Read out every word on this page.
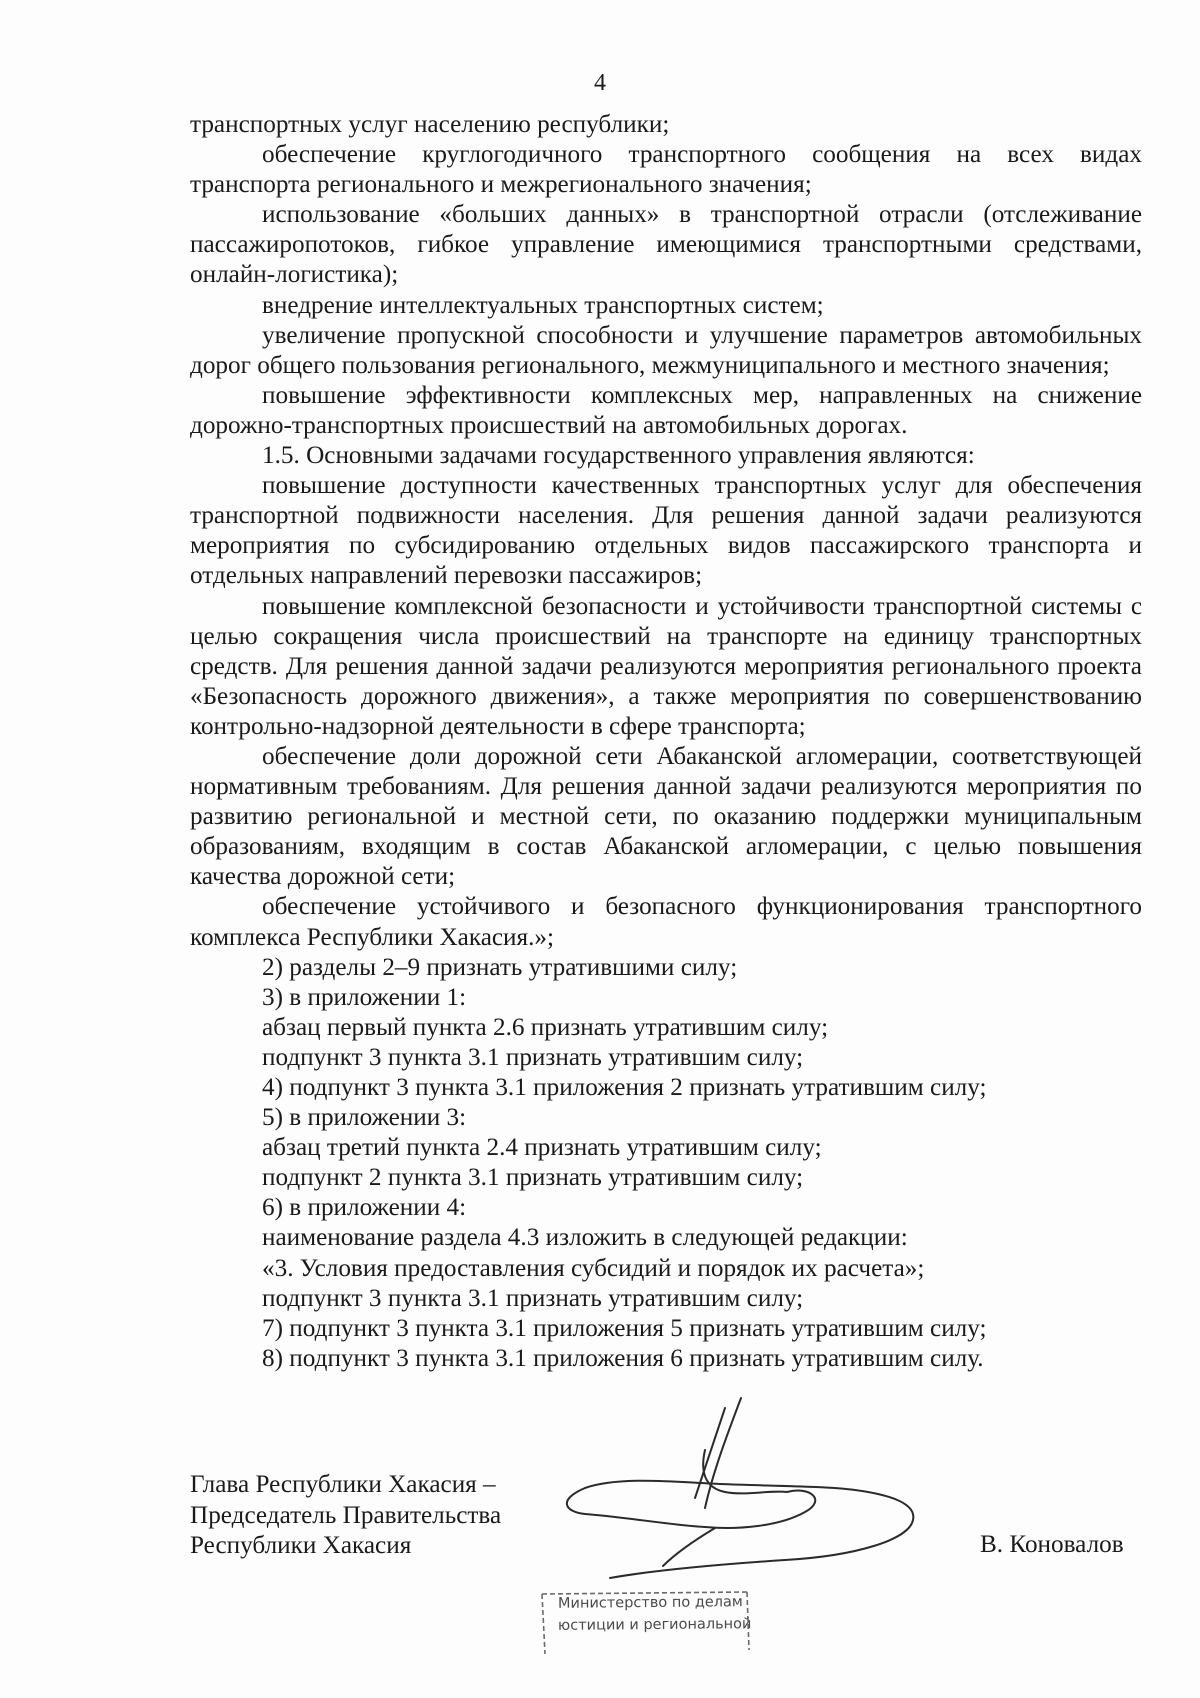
4

транспортных услуг населению республики;

обеспечение круглогодичного транспортного сообщения на всех видах транспорта регионального и межрегионального значения;

использование «больших данных» в транспортной отрасли (отслеживание пассажиропотоков, гибкое управление имеющимися транспортными средствами, онлайн-логистика);

внедрение интеллектуальных транспортных систем;

увеличение пропускной способности и улучшение параметров автомобильных дорог общего пользования регионального, межмуниципального и местного значения;

повышение эффективности комплексных мер, направленных на снижение дорожно-транспортных происшествий на автомобильных дорогах.

1.5. Основными задачами государственного управления являются:

повышение доступности качественных транспортных услуг для обеспечения транспортной подвижности населения. Для решения данной задачи реализуются мероприятия по субсидированию отдельных видов пассажирского транспорта и отдельных направлений перевозки пассажиров;

повышение комплексной безопасности и устойчивости транспортной системы с целью сокращения числа происшествий на транспорте на единицу транспортных средств. Для решения данной задачи реализуются мероприятия регионального проекта «Безопасность дорожного движения», а также мероприятия по совершенствованию контрольно-надзорной деятельности в сфере транспорта;

обеспечение доли дорожной сети Абаканской агломерации, соответствующей нормативным требованиям. Для решения данной задачи реализуются мероприятия по развитию региональной и местной сети, по оказанию поддержки муниципальным образованиям, входящим в состав Абаканской агломерации, с целью повышения качества дорожной сети;

обеспечение устойчивого и безопасного функционирования транспортного комплекса Республики Хакасия.»;

2) разделы 2–9 признать утратившими силу;

3) в приложении 1:

абзац первый пункта 2.6 признать утратившим силу;

подпункт 3 пункта 3.1 признать утратившим силу;

4) подпункт 3 пункта 3.1 приложения 2 признать утратившим силу;

5) в приложении 3:

абзац третий пункта 2.4 признать утратившим силу;

подпункт 2 пункта 3.1 признать утратившим силу;

6) в приложении 4:

наименование раздела 4.3 изложить в следующей редакции:

«3. Условия предоставления субсидий и порядок их расчета»;

подпункт 3 пункта 3.1 признать утратившим силу;

7) подпункт 3 пункта 3.1 приложения 5 признать утратившим силу;

8) подпункт 3 пункта 3.1 приложения 6 признать утратившим силу.

Глава Республики Хакасия –
Председатель Правительства
Республики Хакасия	В. Коновалов
Министерство по делам
юстиции и региональной
